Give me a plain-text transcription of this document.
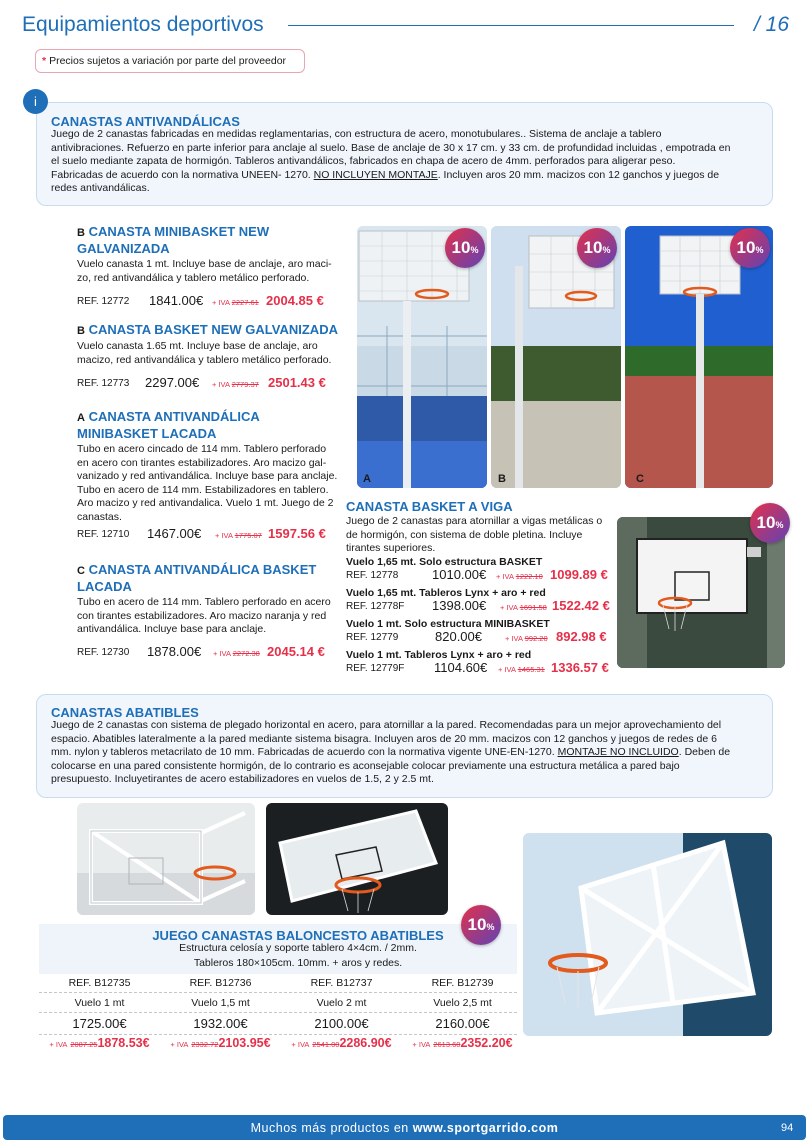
Equipamientos deportivos	/ 16
* Precios sujetos a variación por parte del proveedor
i
CANASTAS ANTIVANDÁLICAS
Juego de 2 canastas fabricadas en medidas reglamentarias, con estructura de acero, monotubulares.. Sistema de anclaje a tablero
antivibraciones. Refuerzo en parte inferior para anclaje al suelo. Base de anclaje de 30 x 17 cm. y 33 cm. de profundidad incluidas , empotrada en
el suelo mediante zapata de hormigón. Tableros antivandálicos, fabricados en chapa de acero de 4mm. perforados para aligerar peso.
Fabricadas de acuerdo con la normativa UNEEN- 1270. NO INCLUYEN MONTAJE. Incluyen aros 20 mm. macizos con 12 ganchos y juegos de
redes antivandálicas.
B CANASTA MINIBASKET NEW
GALVANIZADA
Vuelo canasta 1 mt. Incluye base de anclaje, aro maci-
zo, red antivandálica y tablero metálico perforado.
REF. 12772 1841.00€ + IVA 2227.61 2004.85 €
B CANASTA BASKET NEW GALVANIZADA
Vuelo canasta 1.65 mt. Incluye base de anclaje, aro
macizo, red antivandálica y tablero metálico perforado.
REF. 12773 2297.00€ + IVA 2779.37 2501.43 €
A CANASTA ANTIVANDÁLICA
MINIBASKET LACADA
Tubo en acero cincado de 114 mm. Tablero perforado
en acero con tirantes estabilizadores. Aro macizo gal-
vanizado y red antivandálica. Incluye base para anclaje.
Tubo en acero de 114 mm. Estabilizadores en tablero.
Aro macizo y red antivandalica. Vuelo 1 mt. Juego de 2
canastas.
REF. 12710 1467.00€ + IVA 1775.07 1597.56 €
C CANASTA ANTIVANDÁLICA BASKET
LACADA
Tubo en acero de 114 mm. Tablero perforado en acero
con tirantes estabilizadores. Aro macizo naranja y red
antivandálica. Incluye base para anclaje.
REF. 12730 1878.00€ + IVA 2272.38 2045.14 €
10%	10%	10%
A	B	C
CANASTA BASKET A VIGA
Juego de 2 canastas para atornillar a vigas metálicas o
de hormigón, con sistema de doble pletina. Incluye
tirantes superiores.
Vuelo 1,65 mt. Solo estructura BASKET
REF. 12778	1010.00€ + IVA 1222.10 1099.89 €
Vuelo 1,65 mt. Tableros Lynx + aro + red
REF. 12778F 1398.00€ + IVA 1691.58 1522.42 €
Vuelo 1 mt. Solo estructura MINIBASKET
REF. 12779	820.00€	+ IVA 992.20 892.98 €
Vuelo 1 mt. Tableros Lynx + aro + red
REF. 12779F 1104.60€ + IVA 1465.31 1336.57 €
10%
CANASTAS ABATIBLES
Juego de 2 canastas con sistema de plegado horizontal en acero, para atornillar a la pared. Recomendadas para un mejor aprovechamiento del
espacio. Abatibles lateralmente a la pared mediante sistema bisagra. Incluyen aros de 20 mm. macizos con 12 ganchos y juegos de redes de 6
mm. nylon y tableros metacrilato de 10 mm. Fabricadas de acuerdo con la normativa vigente UNE-EN-1270. MONTAJE NO INCLUIDO. Deben de
colocarse en una pared consistente hormigón, de lo contrario es aconsejable colocar previamente una estructura metálica a pared bajo
presupuesto. Incluyetirantes de acero estabilizadores en vuelos de 1.5, 2 y 2.5 mt.
JUEGO CANASTAS BALONCESTO ABATIBLES
Estructura celosía y soporte tablero 4×4cm. / 2mm.
Tableros 180×105cm. 10mm. + aros y redes.
10%
REF. B12735	REF. B12736	REF. B12737	REF. B12739
Vuelo 1 mt	Vuelo 1,5 mt	Vuelo 2 mt	Vuelo 2,5 mt
1725.00€	1932.00€	2100.00€	2160.00€
+ IVA 2087.251878.53€	+ IVA 2332.722103.95€	+ IVA 2541.002286.90€	+ IVA 2613.602352.20€
Muchos más productos en www.sportgarrido.com	94
